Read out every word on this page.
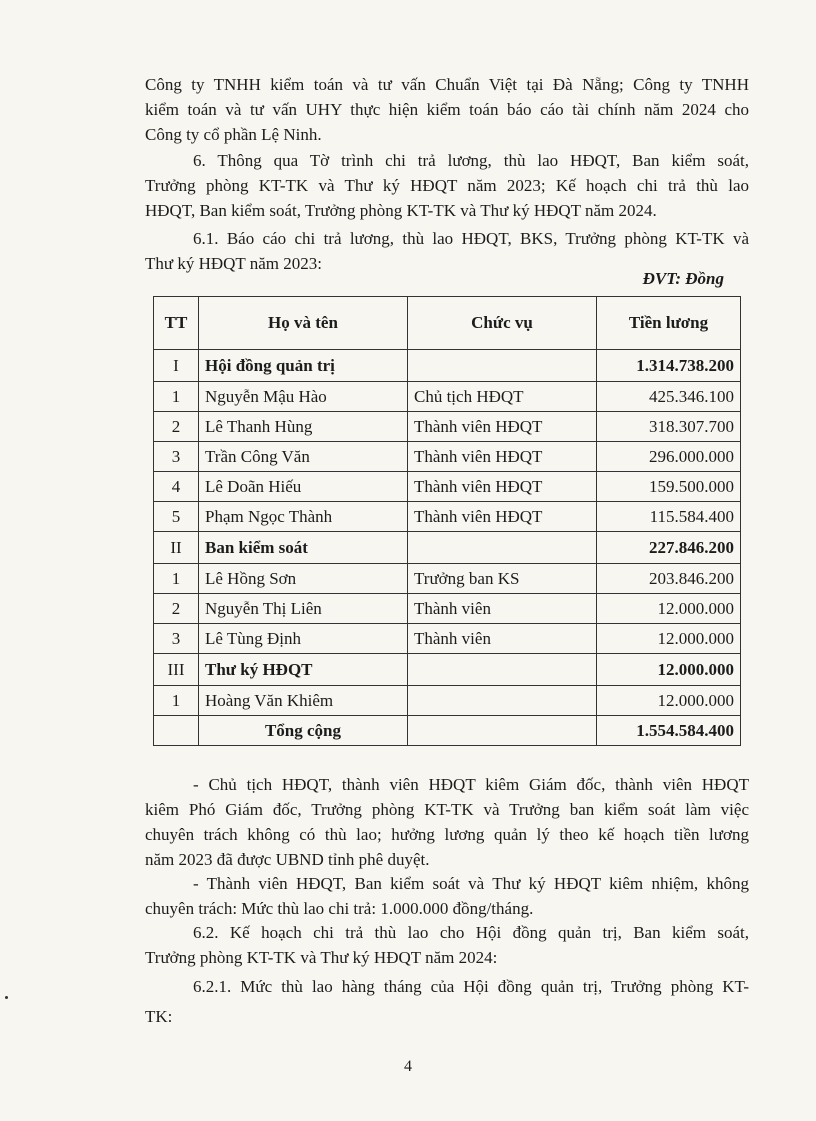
Công ty TNHH kiểm toán và tư vấn Chuẩn Việt tại Đà Nẵng; Công ty TNHH
kiểm toán và tư vấn UHY thực hiện kiểm toán báo cáo tài chính năm 2024 cho
Công ty cổ phần Lệ Ninh.

6. Thông qua Tờ trình chi trả lương, thù lao HĐQT, Ban kiểm soát,
Trưởng phòng KT-TK và Thư ký HĐQT năm 2023; Kế hoạch chi trả thù lao
HĐQT, Ban kiểm soát, Trưởng phòng KT-TK và Thư ký HĐQT năm 2024.

6.1. Báo cáo chi trả lương, thù lao HĐQT, BKS, Trưởng phòng KT-TK và
Thư ký HĐQT năm 2023:

ĐVT: Đồng
TT	Họ và tên	Chức vụ	Tiền lương
I	Hội đồng quản trị		1.314.738.200
1	Nguyễn Mậu Hào	Chủ tịch HĐQT	425.346.100
2	Lê Thanh Hùng	Thành viên HĐQT	318.307.700
3	Trần Công Văn	Thành viên HĐQT	296.000.000
4	Lê Doãn Hiếu	Thành viên HĐQT	159.500.000
5	Phạm Ngọc Thành	Thành viên HĐQT	115.584.400
II	Ban kiểm soát		227.846.200
1	Lê Hồng Sơn	Trưởng ban KS	203.846.200
2	Nguyễn Thị Liên	Thành viên	12.000.000
3	Lê Tùng Định	Thành viên	12.000.000
III	Thư ký HĐQT		12.000.000
1	Hoàng Văn Khiêm		12.000.000
	Tổng cộng		1.554.584.400

- Chủ tịch HĐQT, thành viên HĐQT kiêm Giám đốc, thành viên HĐQT
kiêm Phó Giám đốc, Trưởng phòng KT-TK và Trưởng ban kiểm soát làm việc
chuyên trách không có thù lao; hưởng lương quản lý theo kế hoạch tiền lương
năm 2023 đã được UBND tỉnh phê duyệt.

- Thành viên HĐQT, Ban kiểm soát và Thư ký HĐQT kiêm nhiệm, không
chuyên trách: Mức thù lao chi trả: 1.000.000 đồng/tháng.

6.2. Kế hoạch chi trả thù lao cho Hội đồng quản trị, Ban kiểm soát,
Trưởng phòng KT-TK và Thư ký HĐQT năm 2024:

6.2.1. Mức thù lao hàng tháng của Hội đồng quản trị, Trưởng phòng KT-
TK:

4
